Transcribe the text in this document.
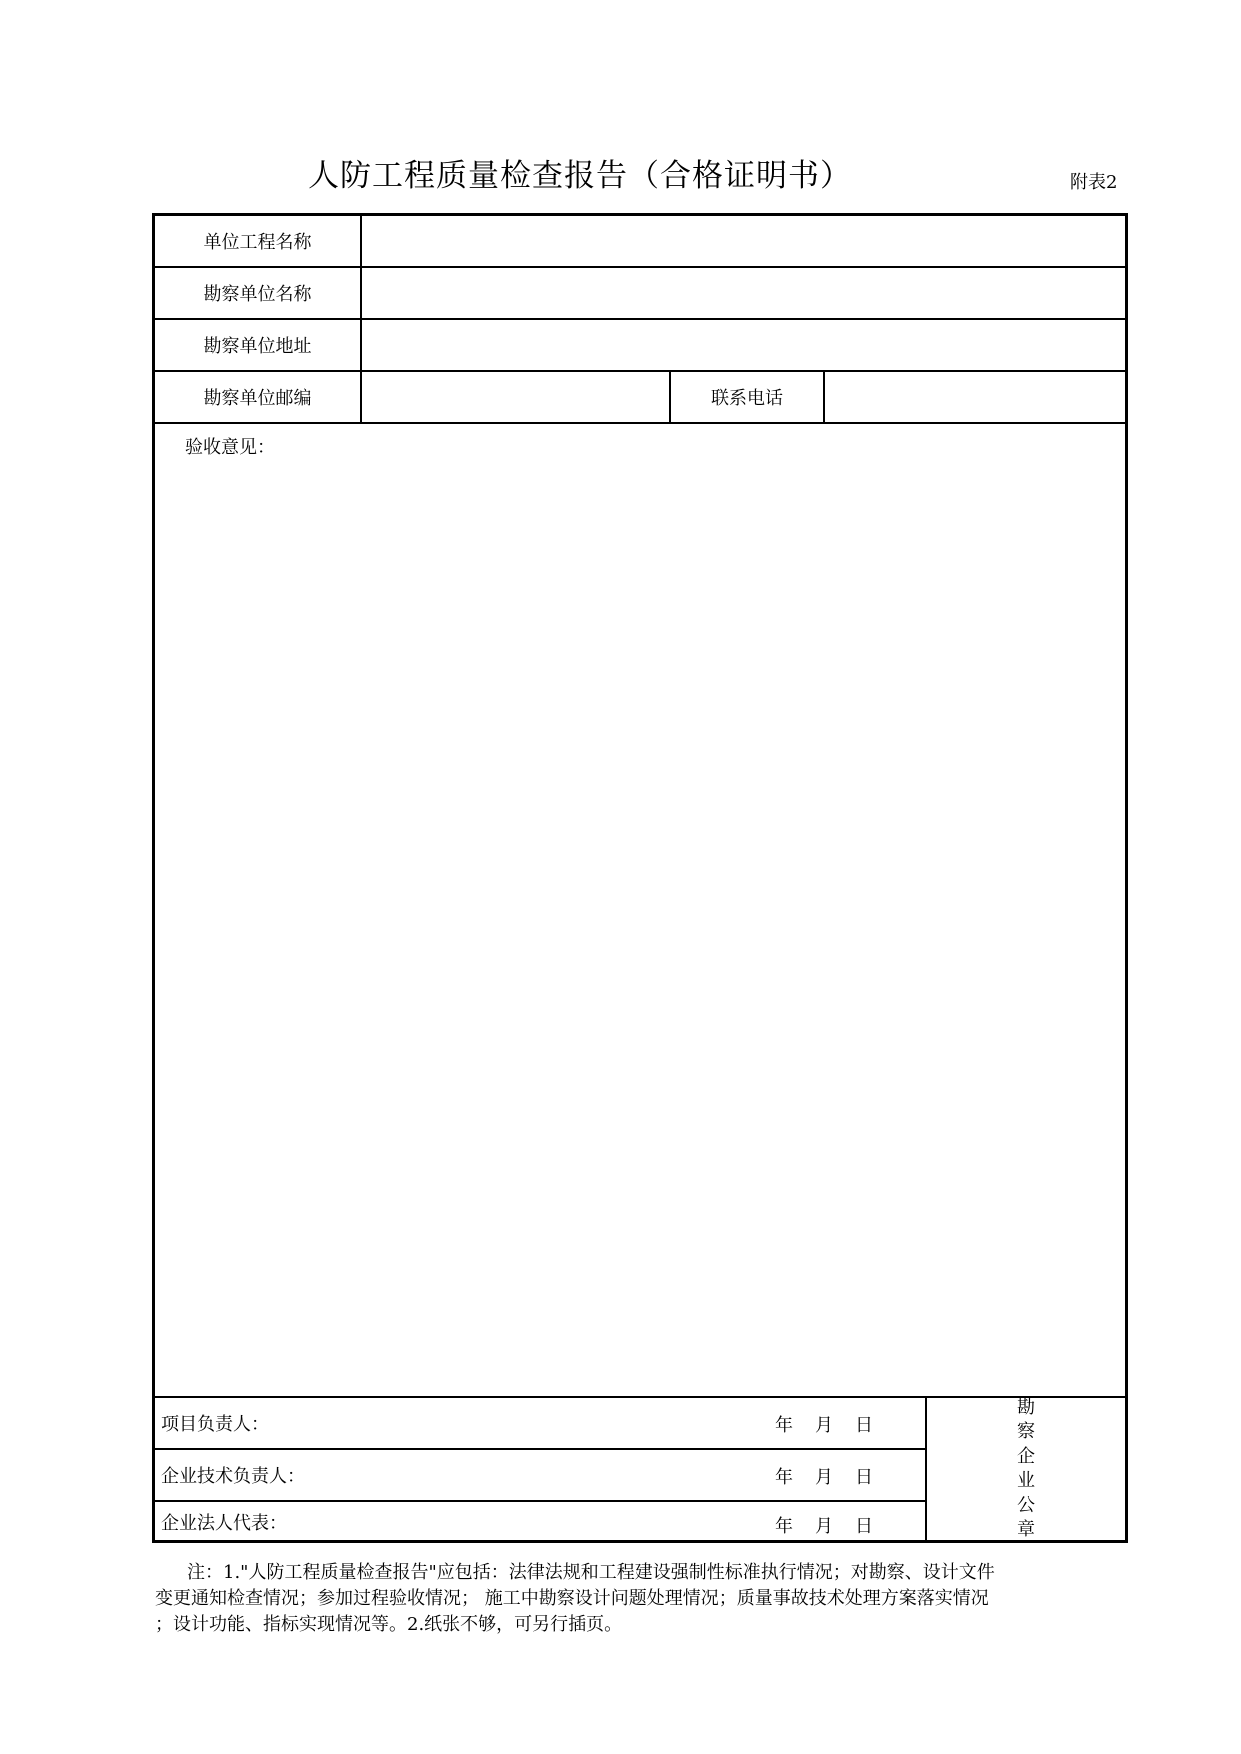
人防工程质量检查报告（合格证明书）	附表2
单位工程名称
勘察单位名称
勘察单位地址
勘察单位邮编	联系电话
验收意见：
项目负责人：	年 月 日
企业技术负责人：	年 月 日
企业法人代表：	年 月 日
勘
察
企
业
公
章

注：1."人防工程质量检查报告"应包括：法律法规和工程建设强制性标准执行情况；对勘察、设计文件

变更通知检查情况；参加过程验收情况； 施工中勘察设计问题处理情况；质量事故技术处理方案落实情况

；设计功能、指标实现情况等。2.纸张不够，可另行插页。
